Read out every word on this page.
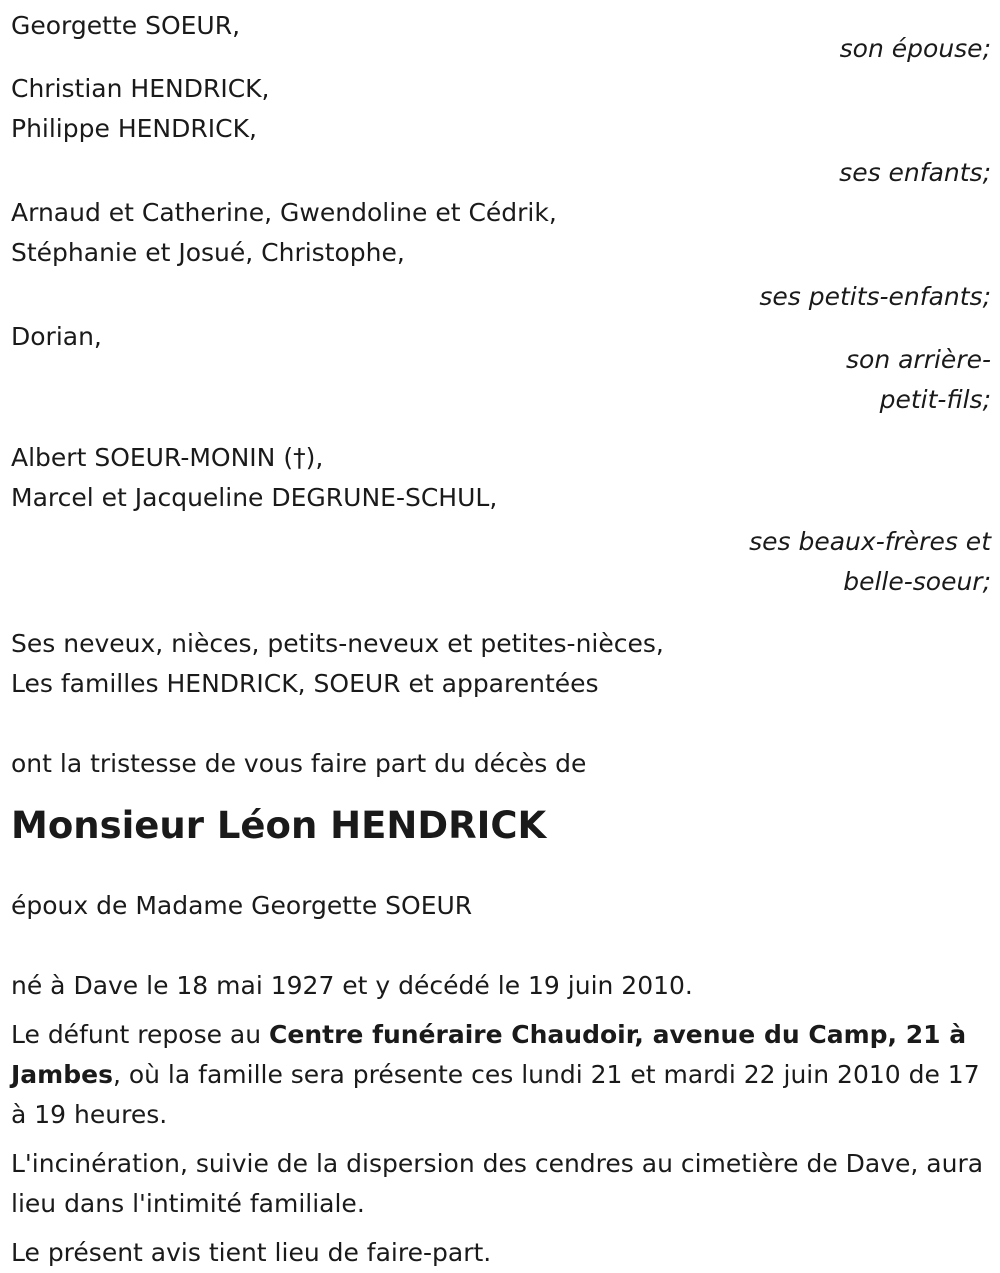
Georgette SOEUR,
son épouse;
Christian HENDRICK,
Philippe HENDRICK,
ses enfants;
Arnaud et Catherine, Gwendoline et Cédrik,
Stéphanie et Josué, Christophe,
ses petits-enfants;
Dorian,
son arrière-
petit-fils;
Albert SOEUR-MONIN (†),
Marcel et Jacqueline DEGRUNE-SCHUL,
ses beaux-frères et
belle-soeur;
Ses neveux, nièces, petits-neveux et petites-nièces,
Les familles HENDRICK, SOEUR et apparentées

ont la tristesse de vous faire part du décès de

Monsieur Léon HENDRICK

époux de Madame Georgette SOEUR

né à Dave le 18 mai 1927 et y décédé le 19 juin 2010.

Le défunt repose au Centre funéraire Chaudoir, avenue du Camp, 21 à Jambes, où la famille sera présente ces lundi 21 et mardi 22 juin 2010 de 17 à 19 heures.

L'incinération, suivie de la dispersion des cendres au cimetière de Dave, aura lieu dans l'intimité familiale.

Le présent avis tient lieu de faire-part.
